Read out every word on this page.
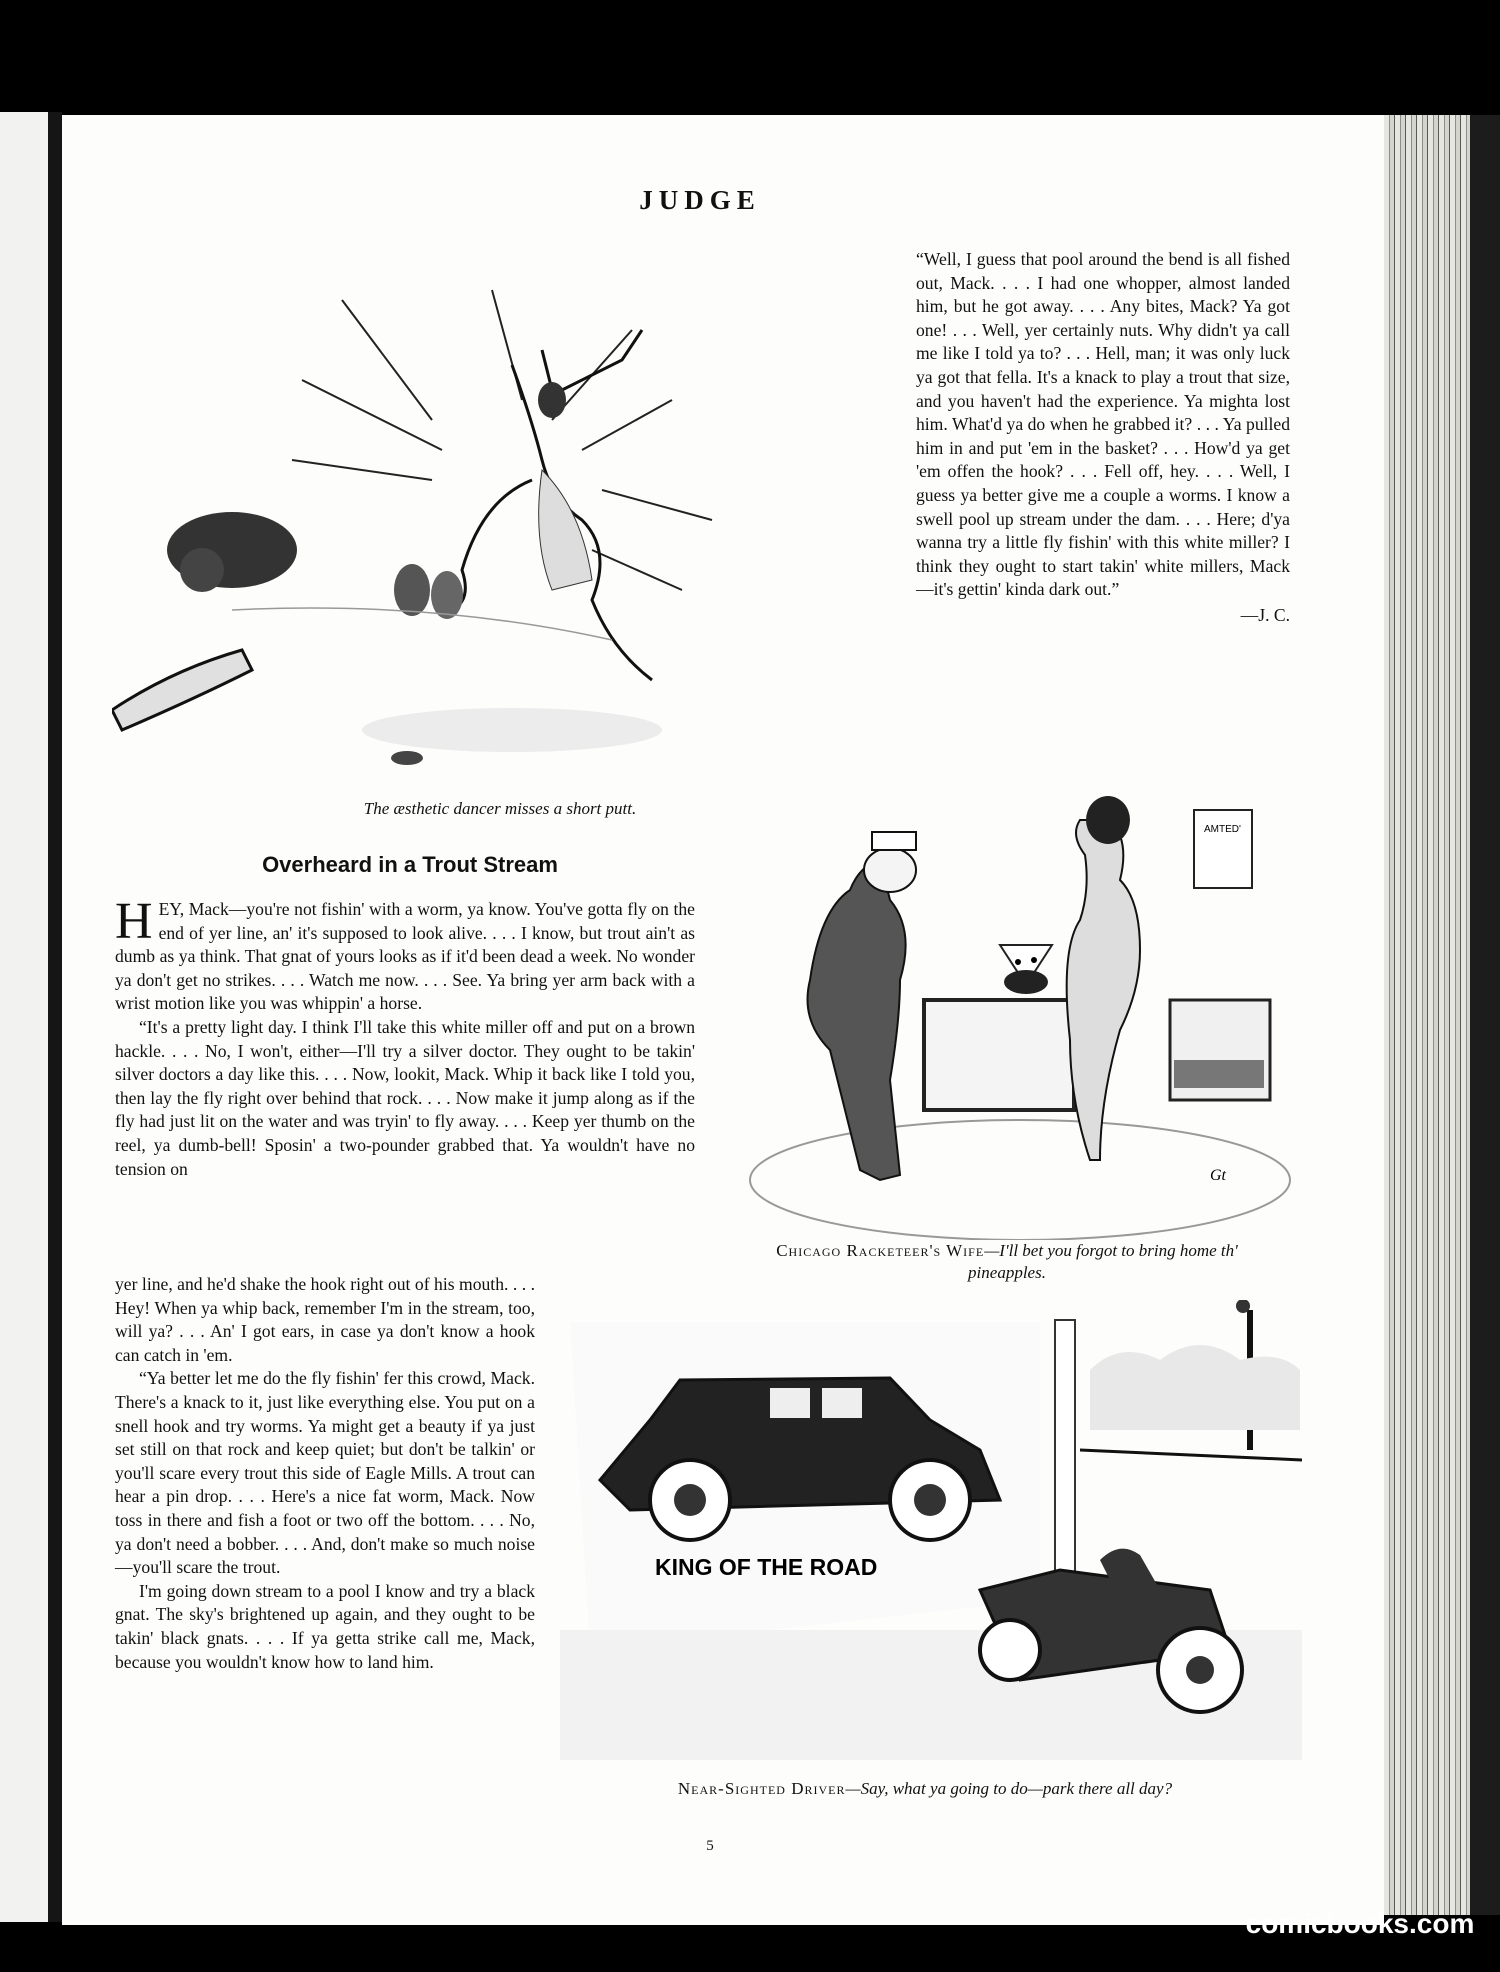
JUDGE
The æsthetic dancer misses a short putt.

“Well, I guess that pool around the bend is all fished out, Mack. . . . I had one whopper, almost landed him, but he got away. . . . Any bites, Mack? Ya got one! . . . Well, yer certainly nuts. Why didn't ya call me like I told ya to? . . . Hell, man; it was only luck ya got that fella. It's a knack to play a trout that size, and you haven't had the experience. Ya mighta lost him. What'd ya do when he grabbed it? . . . Ya pulled him in and put 'em in the basket? . . . How'd ya get 'em offen the hook? . . . Fell off, hey. . . . Well, I guess ya better give me a couple a worms. I know a swell pool up stream under the dam. . . . Here; d'ya wanna try a little fly fishin' with this white miller? I think they ought to start takin' white millers, Mack—it's gettin' kinda dark out.”

—J. C.
Overheard in a Trout Stream

HEY, Mack—you're not fishin' with a worm, ya know. You've gotta fly on the end of yer line, an' it's supposed to look alive. . . . I know, but trout ain't as dumb as ya think. That gnat of yours looks as if it'd been dead a week. No wonder ya don't get no strikes. . . . Watch me now. . . . See. Ya bring yer arm back with a wrist motion like you was whippin' a horse.

“It's a pretty light day. I think I'll take this white miller off and put on a brown hackle. . . . No, I won't, either—I'll try a silver doctor. They ought to be takin' silver doctors a day like this. . . . Now, lookit, Mack. Whip it back like I told you, then lay the fly right over behind that rock. . . . Now make it jump along as if the fly had just lit on the water and was tryin' to fly away. . . . Keep yer thumb on the reel, ya dumb-bell! Sposin' a two-pounder grabbed that. Ya wouldn't have no tension on

yer line, and he'd shake the hook right out of his mouth. . . . Hey! When ya whip back, remember I'm in the stream, too, will ya? . . . An' I got ears, in case ya don't know a hook can catch in 'em.

“Ya better let me do the fly fishin' fer this crowd, Mack. There's a knack to it, just like everything else. You put on a snell hook and try worms. Ya might get a beauty if ya just set still on that rock and keep quiet; but don't be talkin' or you'll scare every trout this side of Eagle Mills. A trout can hear a pin drop. . . . Here's a nice fat worm, Mack. Now toss in there and fish a foot or two off the bottom. . . . No, ya don't need a bobber. . . . And, don't make so much noise—you'll scare the trout.

I'm going down stream to a pool I know and try a black gnat. The sky's brightened up again, and they ought to be takin' black gnats. . . . If ya getta strike call me, Mack, because you wouldn't know how to land him.

AMTED'
Gt
Chicago Racketeer's Wife—I'll bet you forgot to bring home th' pineapples.
KING OF THE ROAD
Near-Sighted Driver—Say, what ya going to do—park there all day?
5
comicbooks.com
